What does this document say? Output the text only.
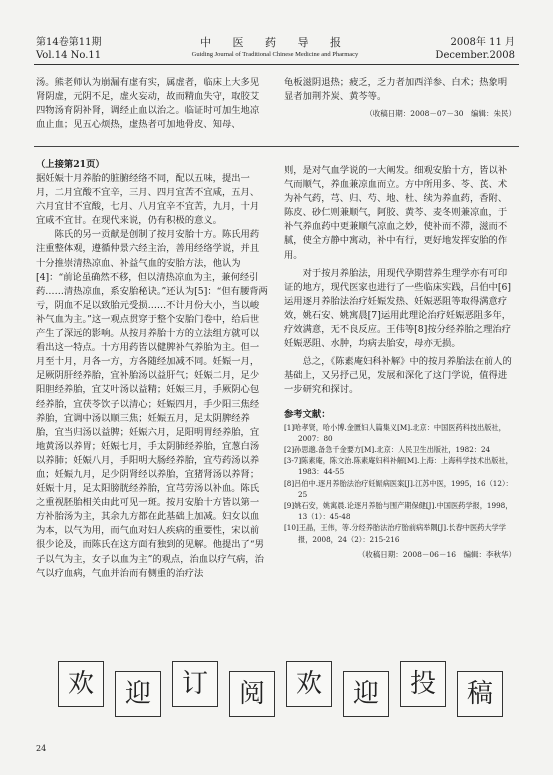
第14卷第11期
Vol.14 No.11
中 医 药 导 报
Guiding Journal of Traditional Chinese Medicine and Pharmacy
2008年 11 月
December.2008

汤。熊老师认为崩漏有虚有实，属虚者，临床上大多见肾阴虚，元阴不足，虚火妄动，故而精血失守，取胶艾四物汤育阴补肾，调经止血以治之。临证时可加生地凉血止血；见五心烦热，虚热者可加地骨皮、知母、

龟板滋阴退热；疲乏，乏力者加西洋参、白术；热象明显者加荆芥炭、黄芩等。

（收稿日期：2008－07－30　编辑：朱民）
（上接第21页）

据妊娠十月养胎的脏腑经络不同，配以五味，提出一月，二月宜酸不宜辛，三月、四月宜苦不宜咸，五月、六月宜甘不宜酸，七月、八月宜辛不宜苦，九月，十月宜咸不宜甘。在现代来说，仍有积极的意义。

陈氏的另一贡献是创制了按月安胎十方。陈氏用药注重整体观，遵循仲景六经主治，善用经络学说，并且十分推崇清热凉血、补益气血的安胎方法，他认为[4]：“前论虽确然不移，但以清热凉血为主，兼何经引药……清热凉血，系安胎秘诀。”还认为[5]：“但有腰背两亏，阴血不足以致胎元受损……不计月份大小，当以峻补气血为主。”这一观点贯穿于整个安胎门卷中，给后世产生了深远的影响。从按月养胎十方的立法组方就可以看出这一特点。十方用药皆以健脾补气养胎为主。但一月至十月，月各一方，方各随经加减不同。妊娠一月，足厥阴肝经养胎，宜补胎汤以益肝气；妊娠二月，足少阳胆经养胎，宜艾叶汤以益精；妊娠三月，手厥阴心包经养胎，宜茯苓饮子以清心；妊娠四月，手少阳三焦经养胎，宜调中汤以顺三焦；妊娠五月，足太阴脾经养胎，宜当归汤以益脾；妊娠六月，足阳明胃经养胎，宜地黄汤以养胃；妊娠七月，手太阴肺经养胎，宜葱白汤以养肺；妊娠八月，手阳明大肠经养胎，宜芍药汤以养血；妊娠九月，足少阴肾经以养胎，宜猪肾汤以养肾；妊娠十月，足太阳膀胱经养胎，宜芎劳汤以补血。陈氏之重视胚胎相关由此可见一斑。按月安胎十方皆以第一方补胎汤为主，其余九方都在此基础上加减。妇女以血为本，以气为用，而气血对妇人疾病的重要性，宋以前很少论及，而陈氏在这方面有独到的见解。他提出了“男子以气为主，女子以血为主”的观点，治血以疗气病，治气以疗血病，气血并治而有侧重的治疗法

则，是对气血学说的一大阐发。细观安胎十方，皆以补气而顺气，养血兼凉血而立。方中所用多、苓、芪、术为补气药，芎、归、芍、地、杜、续为养血药，香附、陈皮、砂仁则兼顺气，阿胶、黄芩、麦冬则兼凉血，于补气养血药中更兼顺气凉血之妙，使补而不滞，滋而不腻，使全方静中寓动，补中有行，更好地发挥安胎的作用。

对于按月养胎法，用现代孕期营养生理学亦有可印证的地方，现代医家也进行了一些临床实践，吕伯中[6]运用逐月养胎法治疗妊娠发热、妊娠恶阻等取得满意疗效，姚石安、姚寓晨[7]运用此理论治疗妊娠恶阻多年，疗效满意，无不良反应。王伟等[8]按分经养胎之理治疗妊娠恶阻、水肿，均病去胎安，母亦无损。

总之，《陈素庵妇科补解》中的按月养胎法在前人的基础上，又另抒己见，发展和深化了这门学说，值得进一步研究和探讨。

参考文献：
[1]哈孝贤，哈小博.金匮妇人篇集义[M].北京：中国医药科技出版社，2007：80
[2]孙思邈.备急千金要方[M].北京：人民卫生出版社，1982：24
[3-7]陈素庵，陈文治.陈素庵妇科补解[M].上海：上海科学技术出版社，1983：44-55
[8]吕伯中.逐月养胎法治疗妊娠病医案[J].江苏中医，1995，16（12）：25
[9]姚石安，姚寓晨.论逐月养胎与围产期保健[J].中国医药学报，1998，13（1）：45-48
[10]王晶，王伟，等.分经养胎法治疗胎前病举隅[J].长春中医药大学学报，2008，24（2）：215-216
（收稿日期：2008－06－16　编辑：李秋华）
欢	迎	订	阅	欢	迎	投	稿
24
